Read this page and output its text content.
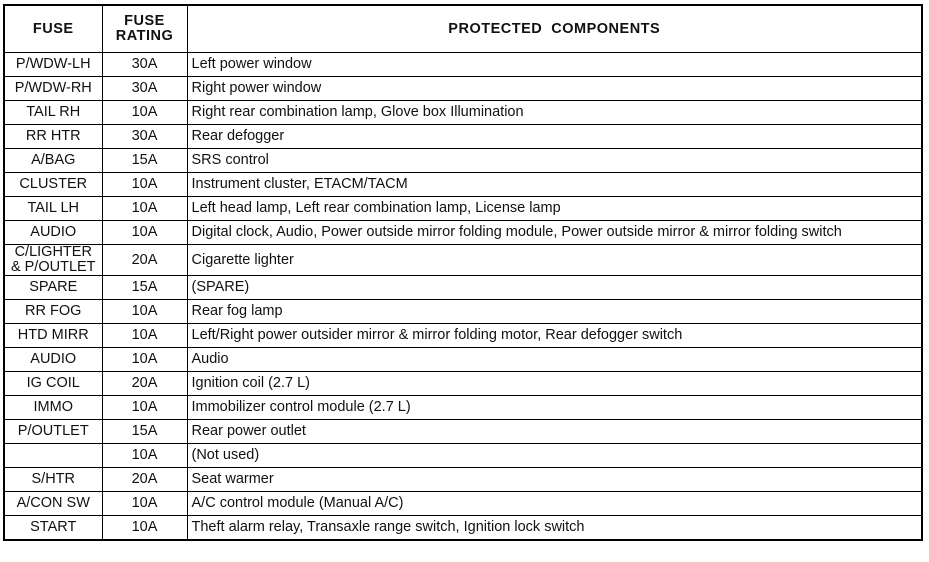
FUSE	FUSE RATING	PROTECTED  COMPONENTS
P/WDW-LH	30A	Left power window
P/WDW-RH	30A	Right power window
TAIL RH	10A	Right rear combination lamp, Glove box Illumination
RR HTR	30A	Rear defogger
A/BAG	15A	SRS control
CLUSTER	10A	Instrument cluster, ETACM/TACM
TAIL LH	10A	Left head lamp, Left rear combination lamp, License lamp
AUDIO	10A	Digital clock, Audio, Power outside mirror folding module, Power outside mirror & mirror folding switch
C/LIGHTER & P/OUTLET	20A	Cigarette lighter
SPARE	15A	(SPARE)
RR FOG	10A	Rear fog lamp
HTD MIRR	10A	Left/Right power outsider mirror & mirror folding motor, Rear defogger switch
AUDIO	10A	Audio
IG COIL	20A	Ignition coil (2.7 L)
IMMO	10A	Immobilizer control module (2.7 L)
P/OUTLET	15A	Rear power outlet
	10A	(Not used)
S/HTR	20A	Seat warmer
A/CON SW	10A	A/C control module (Manual A/C)
START	10A	Theft alarm relay, Transaxle range switch, Ignition lock switch
